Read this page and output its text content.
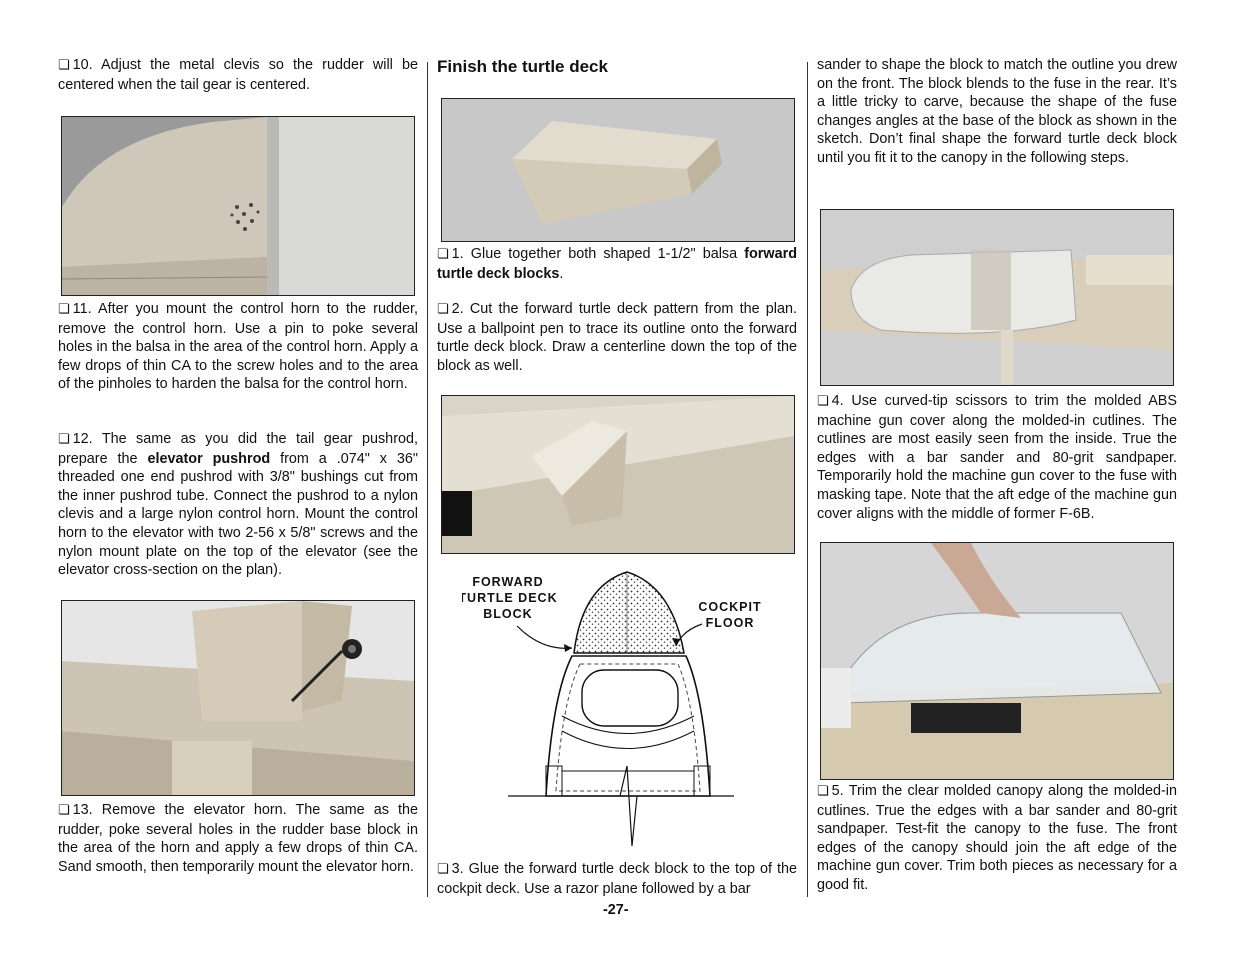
❏ 10. Adjust the metal clevis so the rudder will be centered when the tail gear is centered.

❏ 11. After you mount the control horn to the rudder, remove the control horn. Use a pin to poke several holes in the balsa in the area of the control horn. Apply a few drops of thin CA to the screw holes and to the area of the pinholes to harden the balsa for the control horn.

❏ 12. The same as you did the tail gear pushrod, prepare the elevator pushrod from a .074" x 36" threaded one end pushrod with 3/8" bushings cut from the inner pushrod tube. Connect the pushrod to a nylon clevis and a large nylon control horn. Mount the control horn to the elevator with two 2-56 x 5/8" screws and the nylon mount plate on the top of the elevator (see the elevator cross-section on the plan).

❏ 13. Remove the elevator horn. The same as the rudder, poke several holes in the rudder base block in the area of the horn and apply a few drops of thin CA. Sand smooth, then temporarily mount the elevator horn.

Finish the turtle deck

❏ 1. Glue together both shaped 1-1/2" balsa forward turtle deck blocks.

❏ 2. Cut the forward turtle deck pattern from the plan. Use a ballpoint pen to trace its outline onto the forward turtle deck block. Draw a centerline down the top of the block as well.

FORWARD
TURTLE DECK
BLOCK	COCKPIT
FLOOR

❏ 3. Glue the forward turtle deck block to the top of the cockpit deck. Use a razor plane followed by a bar

-27-

sander to shape the block to match the outline you drew on the front. The block blends to the fuse in the rear. It’s a little tricky to carve, because the shape of the fuse changes angles at the base of the block as shown in the sketch. Don’t final shape the forward turtle deck block until you fit it to the canopy in the following steps.

❏ 4. Use curved-tip scissors to trim the molded ABS machine gun cover along the molded-in cutlines. The cutlines are most easily seen from the inside. True the edges with a bar sander and 80-grit sandpaper. Temporarily hold the machine gun cover to the fuse with masking tape. Note that the aft edge of the machine gun cover aligns with the middle of former F-6B.

❏ 5. Trim the clear molded canopy along the molded-in cutlines. True the edges with a bar sander and 80-grit sandpaper. Test-fit the canopy to the fuse. The front edges of the canopy should join the aft edge of the machine gun cover. Trim both pieces as necessary for a good fit.
